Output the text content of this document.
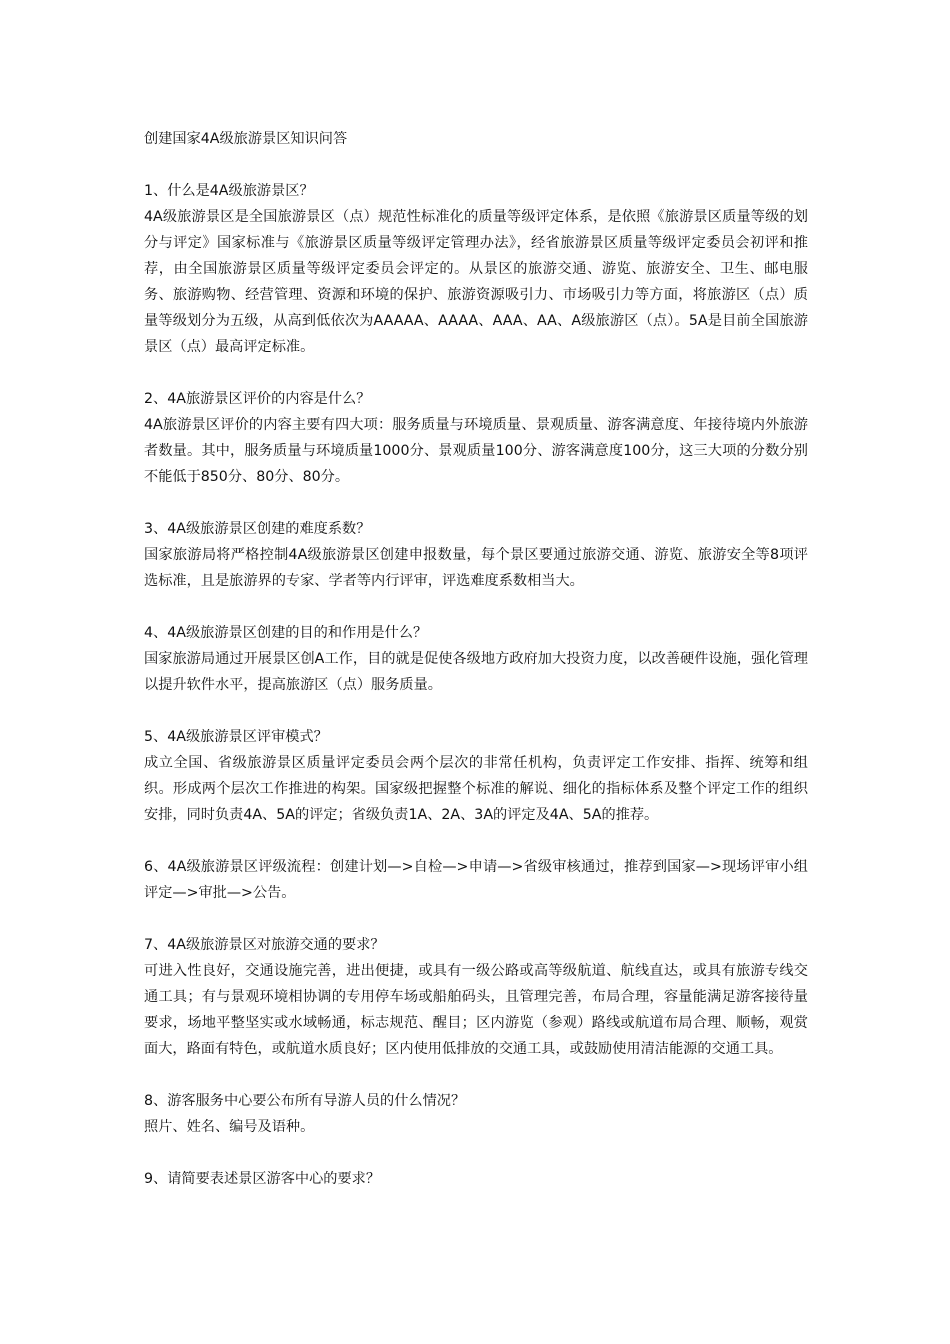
创建国家4A级旅游景区知识问答

1、什么是4A级旅游景区？

4A级旅游景区是全国旅游景区（点）规范性标准化的质量等级评定体系，是依照《旅游景区质量等级的划分与评定》国家标准与《旅游景区质量等级评定管理办法》，经省旅游景区质量等级评定委员会初评和推荐，由全国旅游景区质量等级评定委员会评定的。从景区的旅游交通、游览、旅游安全、卫生、邮电服务、旅游购物、经营管理、资源和环境的保护、旅游资源吸引力、市场吸引力等方面，将旅游区（点）质量等级划分为五级，从高到低依次为AAAAA、AAAA、AAA、AA、A级旅游区（点）。5A是目前全国旅游景区（点）最高评定标准。

2、4A旅游景区评价的内容是什么？

4A旅游景区评价的内容主要有四大项：服务质量与环境质量、景观质量、游客满意度、年接待境内外旅游者数量。其中，服务质量与环境质量1000分、景观质量100分、游客满意度100分，这三大项的分数分别不能低于850分、80分、80分。

3、4A级旅游景区创建的难度系数？

国家旅游局将严格控制4A级旅游景区创建申报数量，每个景区要通过旅游交通、游览、旅游安全等8项评选标准，且是旅游界的专家、学者等内行评审，评选难度系数相当大。

4、4A级旅游景区创建的目的和作用是什么？

国家旅游局通过开展景区创A工作，目的就是促使各级地方政府加大投资力度，以改善硬件设施，强化管理以提升软件水平，提高旅游区（点）服务质量。

5、4A级旅游景区评审模式？

成立全国、省级旅游景区质量评定委员会两个层次的非常任机构，负责评定工作安排、指挥、统筹和组织。形成两个层次工作推进的构架。国家级把握整个标准的解说、细化的指标体系及整个评定工作的组织安排，同时负责4A、5A的评定；省级负责1A、2A、3A的评定及4A、5A的推荐。

6、4A级旅游景区评级流程：创建计划—>自检—>申请—>省级审核通过，推荐到国家—>现场评审小组评定—>审批—>公告。

7、4A级旅游景区对旅游交通的要求？

可进入性良好，交通设施完善，进出便捷，或具有一级公路或高等级航道、航线直达，或具有旅游专线交通工具；有与景观环境相协调的专用停车场或船舶码头，且管理完善，布局合理，容量能满足游客接待量要求，场地平整坚实或水域畅通，标志规范、醒目；区内游览（参观）路线或航道布局合理、顺畅，观赏面大，路面有特色，或航道水质良好；区内使用低排放的交通工具，或鼓励使用清洁能源的交通工具。

8、游客服务中心要公布所有导游人员的什么情况？

照片、姓名、编号及语种。

9、请简要表述景区游客中心的要求？
